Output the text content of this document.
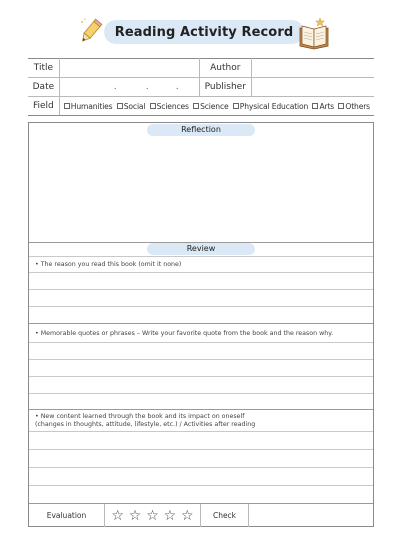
Reading Activity Record
Title		Author	
Date	. . .	Publisher	
Field	Humanities Social Sciences Science Physical Education Arts Others		
Reflection
Review
• The reason you read this book (omit it none)
• Memorable quotes or phrases – Write your favorite quote from the book and the reason why.
• New content learned through the book and its impact on oneself
(changes in thoughts, attitude, lifestyle, etc.) / Activities after reading
Evaluation	☆ ☆ ☆ ☆ ☆	Check
